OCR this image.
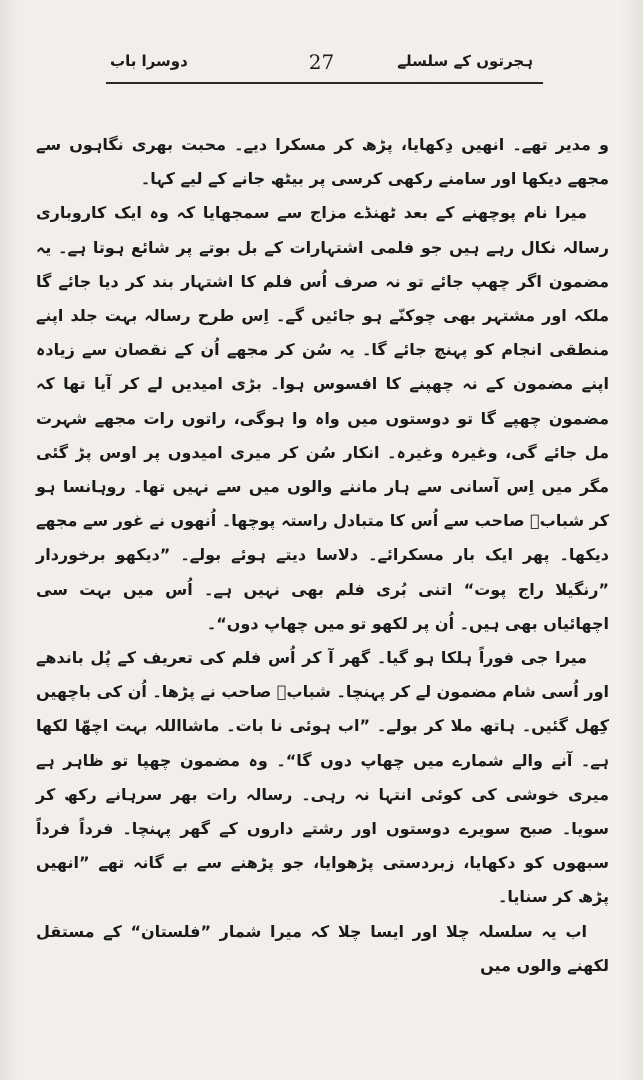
ہجرتوں کے سلسلے
27
دوسرا باب

و مدیر تھے۔ انھیں دِکھایا، پڑھ کر مسکرا دیے۔ محبت بھری نگاہوں سے مجھے دیکھا اور سامنے رکھی کرسی پر بیٹھ جانے کے لیے کہا۔

میرا نام پوچھنے کے بعد ٹھنڈے مزاج سے سمجھایا کہ وہ ایک کاروباری رسالہ نکال رہے ہیں جو فلمی اشتہارات کے بل بوتے پر شائع ہوتا ہے۔ یہ مضمون اگر چھپ جائے تو نہ صرف اُس فلم کا اشتہار بند کر دیا جائے گا ملکہ اور مشتہر بھی چوکنّے ہو جائیں گے۔ اِس طرح رسالہ بہت جلد اپنے منطقی انجام کو پہنچ جائے گا۔ یہ سُن کر مجھے اُن کے نقصان سے زیادہ اپنے مضمون کے نہ چھپنے کا افسوس ہوا۔ بڑی امیدیں لے کر آیا تھا کہ مضمون چھپے گا تو دوستوں میں واہ وا ہوگی، راتوں رات مجھے شہرت مل جائے گی، وغیرہ وغیرہ۔ انکار سُن کر میری امیدوں پر اوس پڑ گئی مگر میں اِس آسانی سے ہار ماننے والوں میں سے نہیں تھا۔ روہانسا ہو کر شبابؔ صاحب سے اُس کا متبادل راستہ پوچھا۔ اُنھوں نے غور سے مجھے دیکھا۔ پھر ایک بار مسکرائے۔ دلاسا دیتے ہوئے بولے۔ ”دیکھو برخوردار ”رنگیلا راج پوت“ اتنی بُری فلم بھی نہیں ہے۔ اُس میں بہت سی اچھائیاں بھی ہیں۔ اُن پر لکھو تو میں چھاپ دوں“۔

میرا جی فوراً ہلکا ہو گیا۔ گھر آ کر اُس فلم کی تعریف کے پُل باندھے اور اُسی شام مضمون لے کر پہنچا۔ شبابؔ صاحب نے پڑھا۔ اُن کی باچھیں کِھل گئیں۔ ہاتھ ملا کر بولے۔ ”اب ہوئی نا بات۔ ماشااللہ بہت اچھّا لکھا ہے۔ آنے والے شمارے میں چھاپ دوں گا“۔ وہ مضمون چھپا تو ظاہر ہے میری خوشی کی کوئی انتہا نہ رہی۔ رسالہ رات بھر سرہانے رکھ کر سویا۔ صبح سویرے دوستوں اور رشتے داروں کے گھر پہنچا۔ فرداً فرداً سبھوں کو دکھایا، زبردستی پڑھوایا، جو پڑھنے سے بے گانہ تھے ”انھیں پڑھ کر سنایا۔

اب یہ سلسلہ چلا اور ایسا چلا کہ میرا شمار ”فلستان“ کے مستقل لکھنے والوں میں
